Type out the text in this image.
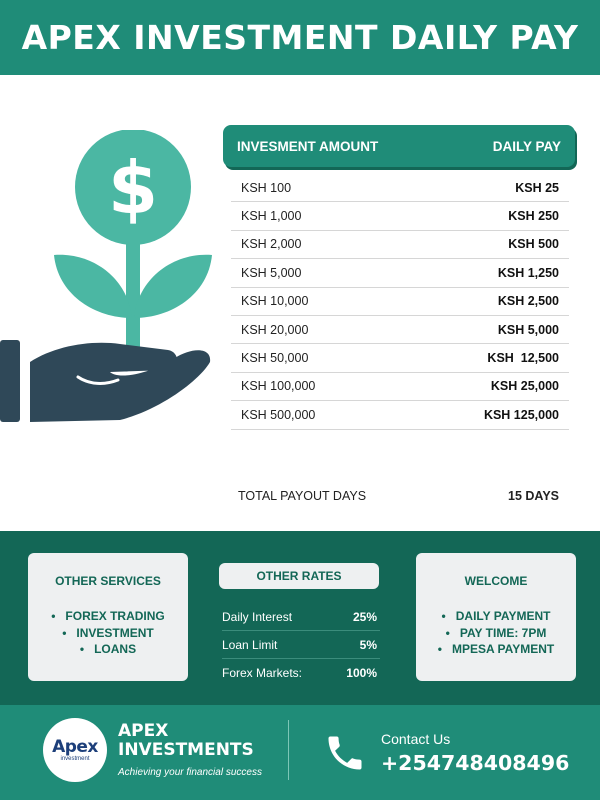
APEX INVESTMENT DAILY PAY
$	INVESMENT AMOUNT	DAILY PAY
KSH 100	KSH 25
KSH 1,000	KSH 250
KSH 2,000	KSH 500
KSH 5,000	KSH 1,250
KSH 10,000	KSH 2,500
KSH 20,000	KSH 5,000
KSH 50,000	KSH  12,500
KSH 100,000	KSH 25,000
KSH 500,000	KSH 125,000
TOTAL PAYOUT DAYS	15 DAYS
OTHER SERVICES
• FOREX TRADING
• INVESTMENT
• LOANS
OTHER RATES
Daily Interest	25%
Loan Limit	5%
Forex Markets:	100%
WELCOME
• DAILY PAYMENT
• PAY TIME: 7PM
• MPESA PAYMENT
Apex
investment
APEX
INVESTMENTS
Achieving your financial success
Contact Us
+254748408496
